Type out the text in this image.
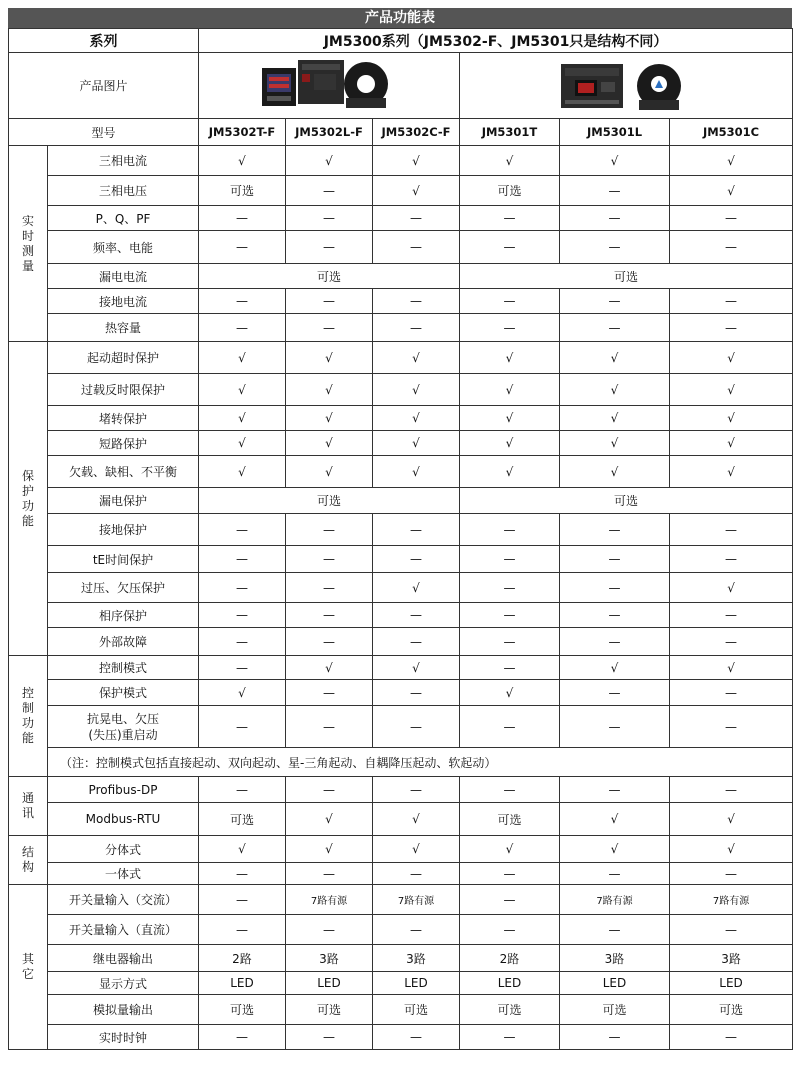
产品功能表
系列		JM5300系列（JM5302-F、JM5301只是结构不同）					
产品图片		
型号		JM5302T-F	JM5302L-F	JM5302C-F	JM5301T	JM5301L	JM5301C

实
时
测
量	三相电流	√	√	√	√	√	√
	三相电压	可选	—	√	可选	—	√
	P、Q、PF	—	—	—	—	—	—
	频率、电能	—	—	—	—	—	—
	漏电电流	可选			可选		
	接地电流	—	—	—	—	—	—
	热容量	—	—	—	—	—	—

保
护
功
能	起动超时保护	√	√	√	√	√	√
	过载反时限保护	√	√	√	√	√	√
	堵转保护	√	√	√	√	√	√
	短路保护	√	√	√	√	√	√
	欠载、缺相、不平衡	√	√	√	√	√	√
	漏电保护	可选			可选		
	接地保护	—	—	—	—	—	—
	tE时间保护	—	—	—	—	—	—
	过压、欠压保护	—	—	√	—	—	√
	相序保护	—	—	—	—	—	—
	外部故障	—	—	—	—	—	—

控
制
功
能	控制模式	—	√	√	—	√	√
	保护模式	√	—	—	√	—	—

	抗晃电、欠压
(失压)重启动	—	—	—	—	—	—
	（注：控制模式包括直接起动、双向起动、星-三角起动、自耦降压起动、软起动）						

通
讯	Profibus-DP	—	—	—	—	—	—
	Modbus-RTU	可选	√	√	可选	√	√

结
构	分体式	√	√	√	√	√	√
	一体式	—	—	—	—	—	—

其
它	开关量输入（交流）	—	7路有源	7路有源	—	7路有源	7路有源
	开关量输入（直流）	—	—	—	—	—	—
	继电器输出	2路	3路	3路	2路	3路	3路
	显示方式	LED	LED	LED	LED	LED	LED
	模拟量输出	可选	可选	可选	可选	可选	可选
	实时时钟	—	—	—	—	—	—
